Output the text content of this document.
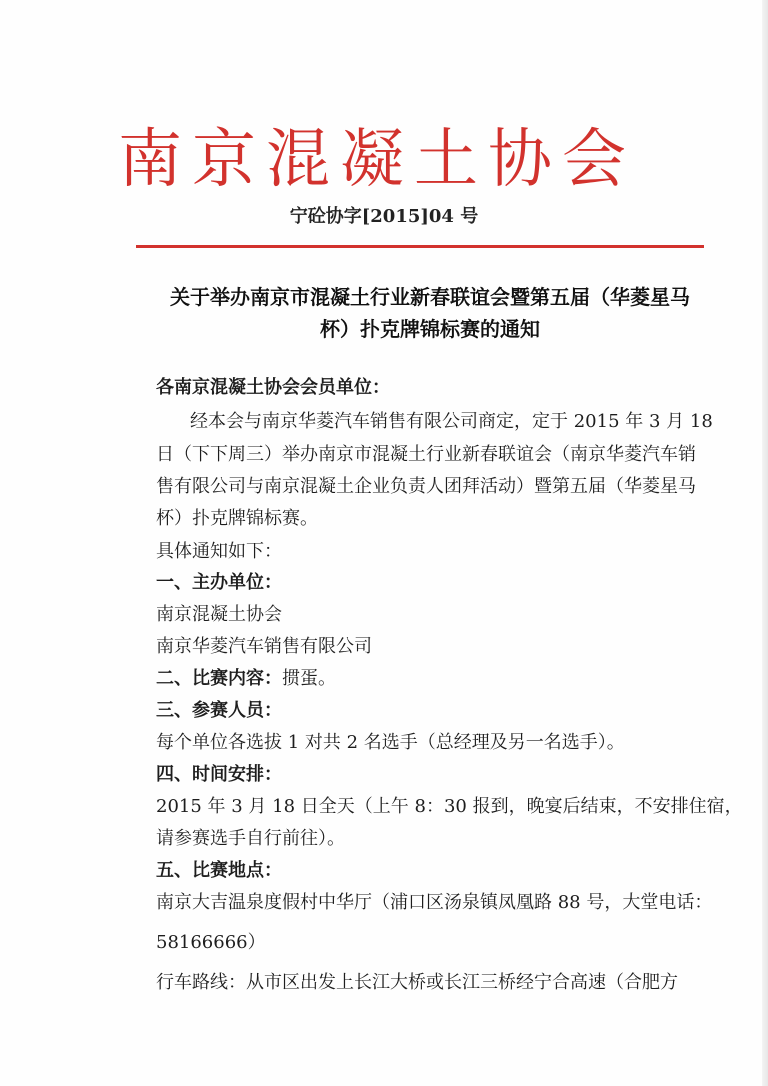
南京混凝土协会
宁砼协字[2015]04 号
关于举办南京市混凝土行业新春联谊会暨第五届（华菱星马
杯）扑克牌锦标赛的通知
各南京混凝土协会会员单位：
经本会与南京华菱汽车销售有限公司商定，定于 2015 年 3 月 18
日（下下周三）举办南京市混凝土行业新春联谊会（南京华菱汽车销
售有限公司与南京混凝土企业负责人团拜活动）暨第五届（华菱星马
杯）扑克牌锦标赛。
具体通知如下：
一、主办单位：
南京混凝土协会
南京华菱汽车销售有限公司
二、比赛内容：掼蛋。
三、参赛人员：
每个单位各选拔 1 对共 2 名选手（总经理及另一名选手）。
四、时间安排：
2015 年 3 月 18 日全天（上午 8：30 报到，晚宴后结束，不安排住宿，
请参赛选手自行前往）。
五、比赛地点：
南京大吉温泉度假村中华厅（浦口区汤泉镇凤凰路 88 号，大堂电话：
58166666）
行车路线：从市区出发上长江大桥或长江三桥经宁合高速（合肥方
